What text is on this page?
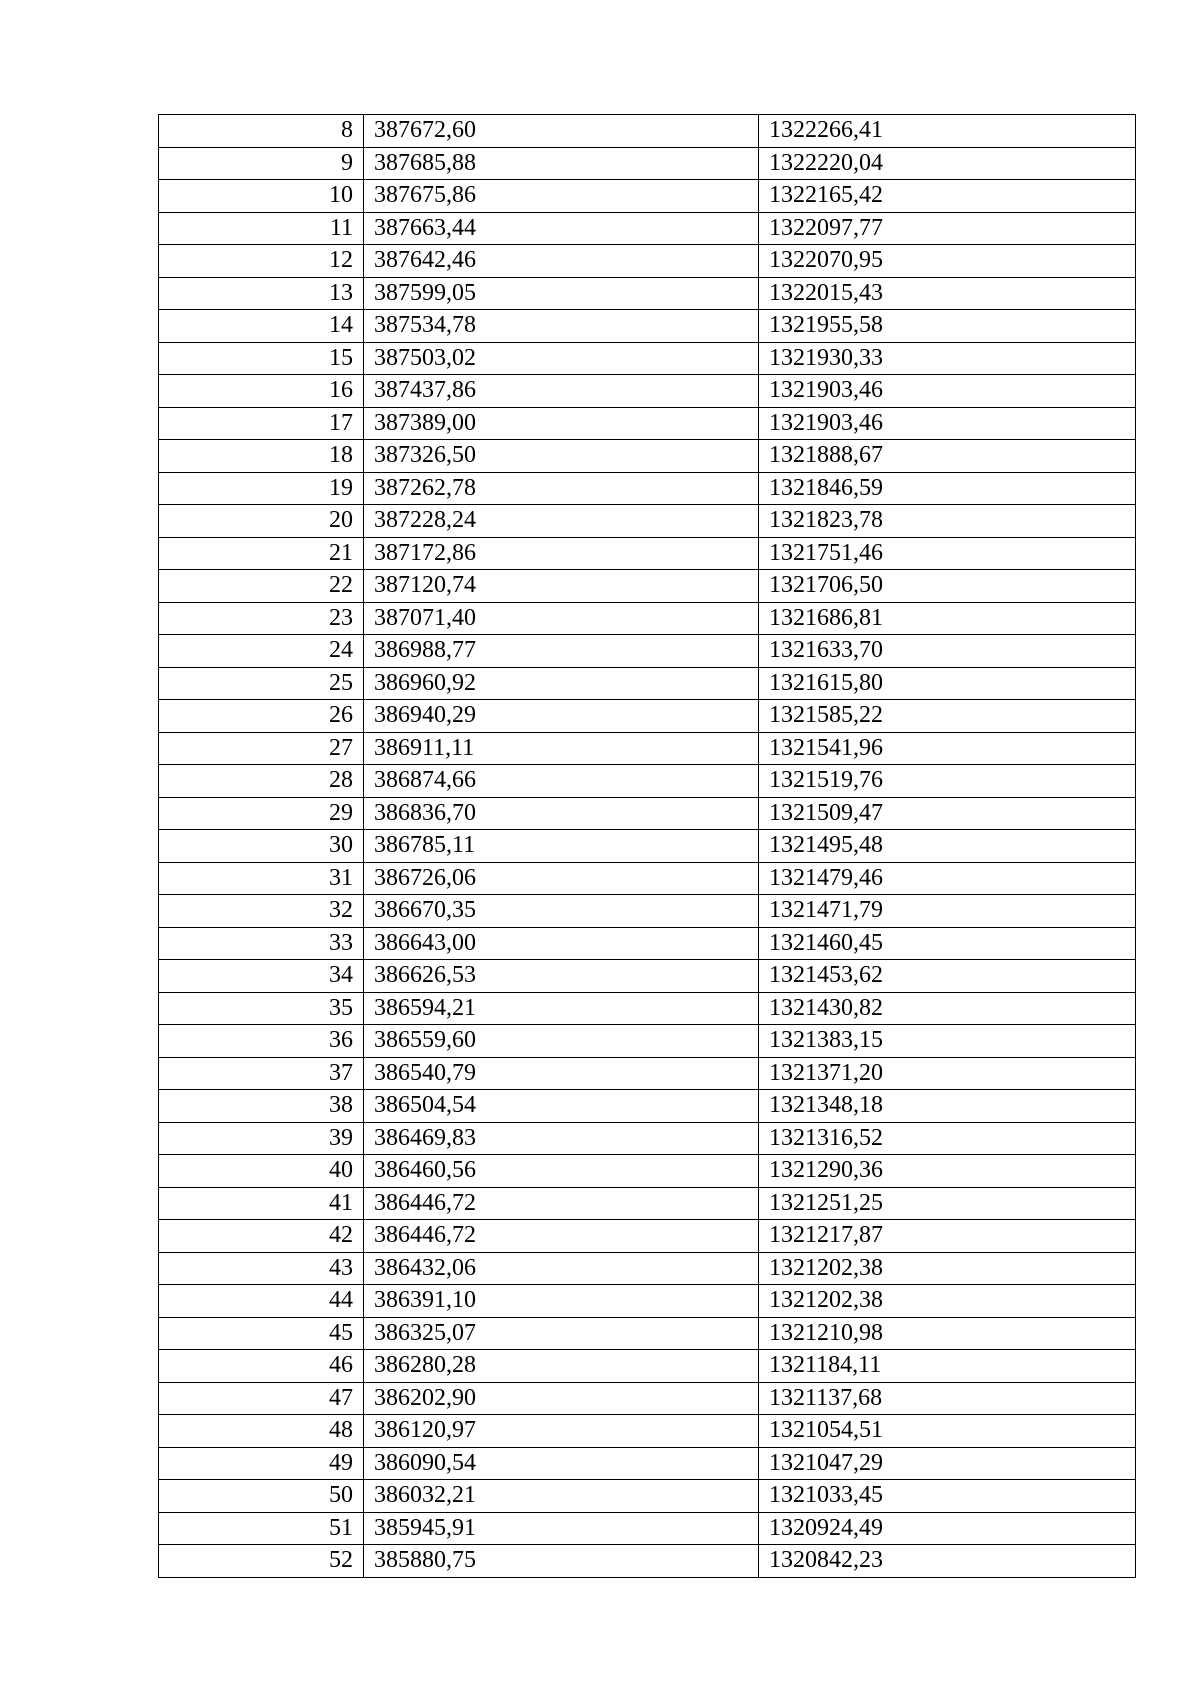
8	387672,60	1322266,41
9	387685,88	1322220,04
10	387675,86	1322165,42
11	387663,44	1322097,77
12	387642,46	1322070,95
13	387599,05	1322015,43
14	387534,78	1321955,58
15	387503,02	1321930,33
16	387437,86	1321903,46
17	387389,00	1321903,46
18	387326,50	1321888,67
19	387262,78	1321846,59
20	387228,24	1321823,78
21	387172,86	1321751,46
22	387120,74	1321706,50
23	387071,40	1321686,81
24	386988,77	1321633,70
25	386960,92	1321615,80
26	386940,29	1321585,22
27	386911,11	1321541,96
28	386874,66	1321519,76
29	386836,70	1321509,47
30	386785,11	1321495,48
31	386726,06	1321479,46
32	386670,35	1321471,79
33	386643,00	1321460,45
34	386626,53	1321453,62
35	386594,21	1321430,82
36	386559,60	1321383,15
37	386540,79	1321371,20
38	386504,54	1321348,18
39	386469,83	1321316,52
40	386460,56	1321290,36
41	386446,72	1321251,25
42	386446,72	1321217,87
43	386432,06	1321202,38
44	386391,10	1321202,38
45	386325,07	1321210,98
46	386280,28	1321184,11
47	386202,90	1321137,68
48	386120,97	1321054,51
49	386090,54	1321047,29
50	386032,21	1321033,45
51	385945,91	1320924,49
52	385880,75	1320842,23
